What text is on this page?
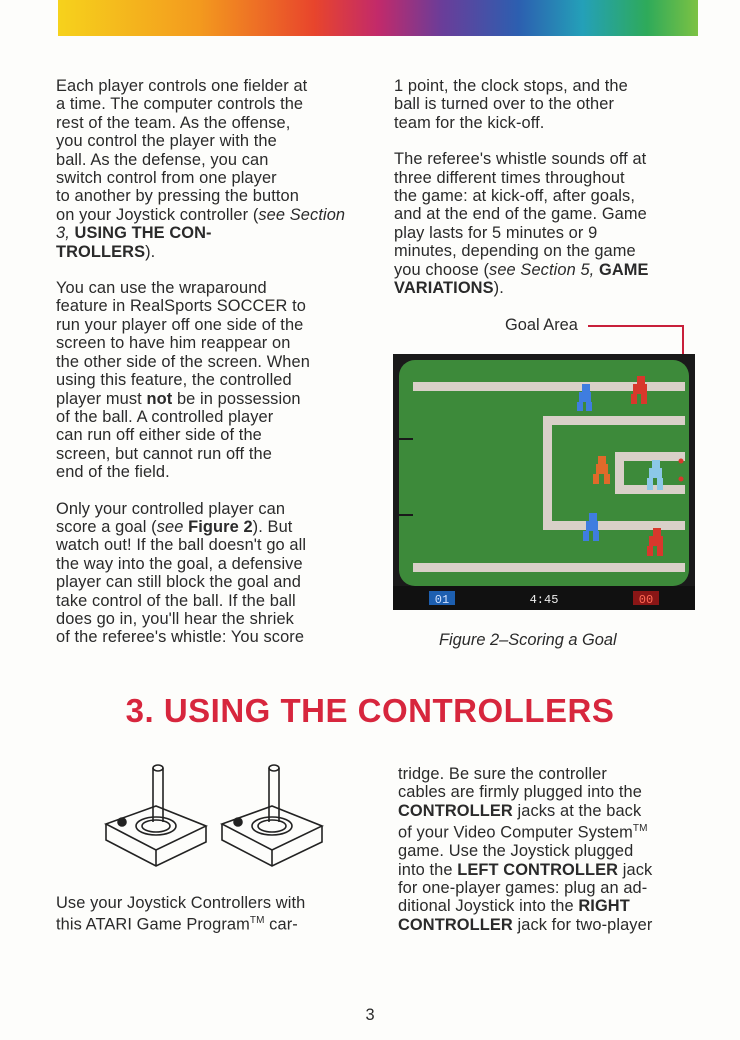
Each player controls one fielder at
a time. The computer controls the
rest of the team. As the offense,
you control the player with the
ball. As the defense, you can
switch control from one player
to another by pressing the button
on your Joystick controller (see Section 3, USING THE CON-
TROLLERS).

You can use the wraparound
feature in RealSports SOCCER to
run your player off one side of the
screen to have him reappear on
the other side of the screen. When
using this feature, the controlled
player must not be in possession
of the ball. A controlled player
can run off either side of the
screen, but cannot run off the
end of the field.

Only your controlled player can
score a goal (see Figure 2). But
watch out! If the ball doesn't go all
the way into the goal, a defensive
player can still block the goal and
take control of the ball. If the ball
does go in, you'll hear the shriek
of the referee's whistle: You score

1 point, the clock stops, and the
ball is turned over to the other
team for the kick-off.

The referee's whistle sounds off at
three different times throughout
the game: at kick-off, after goals,
and at the end of the game. Game
play lasts for 5 minutes or 9
minutes, depending on the game
you choose (see Section 5, GAME
VARIATIONS).

Goal Area
01	4:45	00
Figure 2–Scoring a Goal
3. USING THE CONTROLLERS
Use your Joystick Controllers with
this ATARI Game Program™ car-
tridge. Be sure the controller
cables are firmly plugged into the
CONTROLLER jacks at the back
of your Video Computer System™
game. Use the Joystick plugged
into the LEFT CONTROLLER jack
for one-player games: plug an ad-
ditional Joystick into the RIGHT
CONTROLLER jack for two-player
3
